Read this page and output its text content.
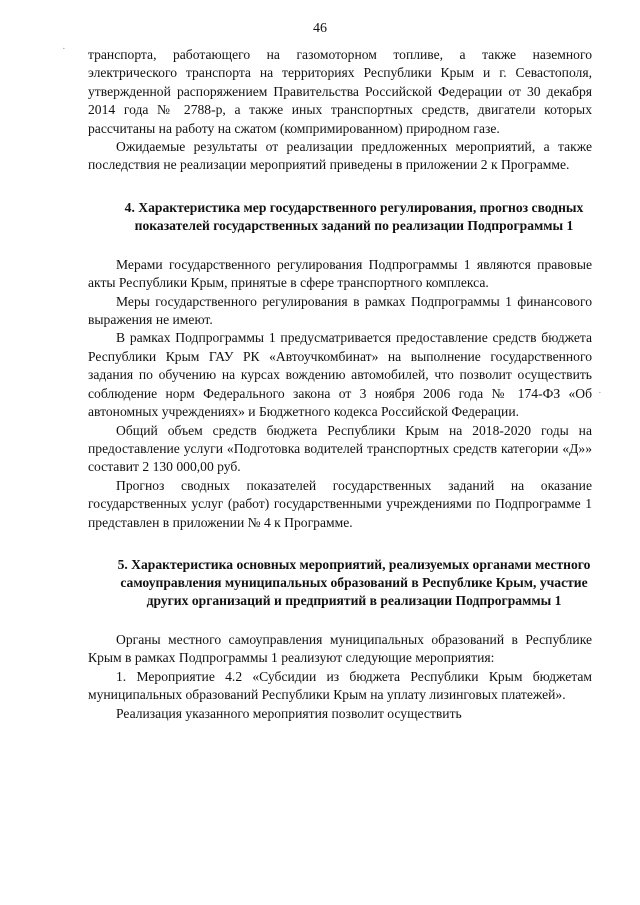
46
·
·

транспорта, работающего на газомоторном топливе, а также наземного электрического транспорта на территориях Республики Крым и г. Севастополя, утвержденной распоряжением Правительства Российской Федерации от 30 декабря 2014 года № 2788-р, а также иных транспортных средств, двигатели которых рассчитаны на работу на сжатом (компримированном) природном газе.

Ожидаемые результаты от реализации предложенных мероприятий, а также последствия не реализации мероприятий приведены в приложении 2 к Программе.

4. Характеристика мер государственного регулирования, прогноз сводных показателей государственных заданий по реализации Подпрограммы 1

Мерами государственного регулирования Подпрограммы 1 являются правовые акты Республики Крым, принятые в сфере транспортного комплекса.

Меры государственного регулирования в рамках Подпрограммы 1 финансового выражения не имеют.

В рамках Подпрограммы 1 предусматривается предоставление средств бюджета Республики Крым ГАУ РК «Автоучкомбинат» на выполнение государственного задания по обучению на курсах вождению автомобилей, что позволит осуществить соблюдение норм Федерального закона от 3 ноября 2006 года № 174-ФЗ «Об автономных учреждениях» и Бюджетного кодекса Российской Федерации.

Общий объем средств бюджета Республики Крым на 2018-2020 годы на предоставление услуги «Подготовка водителей транспортных средств категории «Д»» составит 2 130 000,00 руб.

Прогноз сводных показателей государственных заданий на оказание государственных услуг (работ) государственными учреждениями по Подпрограмме 1 представлен в приложении № 4 к Программе.

5. Характеристика основных мероприятий, реализуемых органами местного самоуправления муниципальных образований в Республике Крым, участие других организаций и предприятий в реализации Подпрограммы 1

Органы местного самоуправления муниципальных образований в Республике Крым в рамках Подпрограммы 1 реализуют следующие мероприятия:

1. Мероприятие 4.2 «Субсидии из бюджета Республики Крым бюджетам муниципальных образований Республики Крым на уплату лизинговых платежей».

Реализация указанного мероприятия позволит осуществить
